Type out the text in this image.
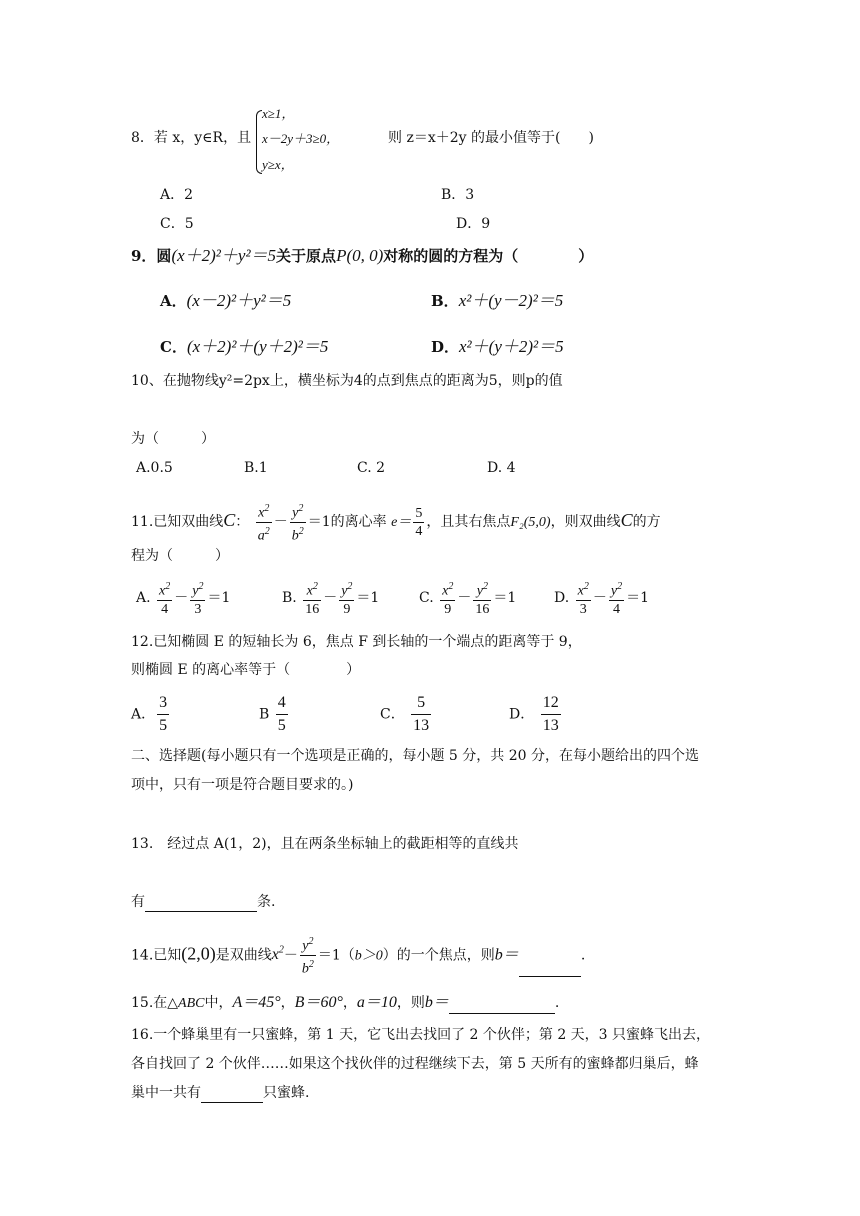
8．若 x，y∈R，且
x≥1，
x－2y＋3≥0，
y≥x，
则 z＝x＋2y 的最小值等于(　　)
A．2	B．3
C．5	D．9
9．圆(x＋2)²＋y²＝5关于原点P(0, 0)对称的圆的方程为（　　　　）
A．(x－2)²＋y²＝5	B．x²＋(y－2)²＝5
C．(x＋2)²＋(y＋2)²＝5	D．x²＋(y＋2)²＝5
10、在抛物线y²=2px上，横坐标为4的点到焦点的距离为5，则p的值
为（　　　）
A.0.5	B.1	C. 2	D. 4
11.已知双曲线C： $\frac{x^2}{a^2} - \frac{y^2}{b^2} =1$的离心率 $e= \frac{5}{4}$ ，且其右焦点F₂(5,0)，则双曲线C的方
程为（　　　）
A. $\frac{x^2}{4} - \frac{y^2}{3} =1$	B. $\frac{x^2}{16} - \frac{y^2}{9} =1$	C. $\frac{x^2}{9} - \frac{y^2}{16} =1$	D. $\frac{x^2}{3} - \frac{y^2}{4} =1$
12.已知椭圆 E 的短轴长为 6，焦点 F 到长轴的一个端点的距离等于 9，
则椭圆 E 的离心率等于（　　　　）
A． $\frac{3}{5}$	B $\frac{4}{5}$	C． $\frac{5}{13}$	D． $\frac{12}{13}$
二、选择题(每小题只有一个选项是正确的，每小题 5 分，共 20 分，在每小题给出的四个选
项中，只有一项是符合题目要求的。)
13.　经过点 A(1，2)，且在两条坐标轴上的截距相等的直线共
有	条.
14.已知(2,0)是双曲线$x^2- \frac{y^2}{b^2} =1(b>0)$的一个焦点，则b＝	.
15.在△ABC中，A＝45°，B＝60°，a＝10，则b＝	.
16.一个蜂巢里有一只蜜蜂，第 1 天，它飞出去找回了 2 个伙伴；第 2 天，3 只蜜蜂飞出去，
各自找回了 2 个伙伴……如果这个找伙伴的过程继续下去，第 5 天所有的蜜蜂都归巢后，蜂
巢中一共有	只蜜蜂.
